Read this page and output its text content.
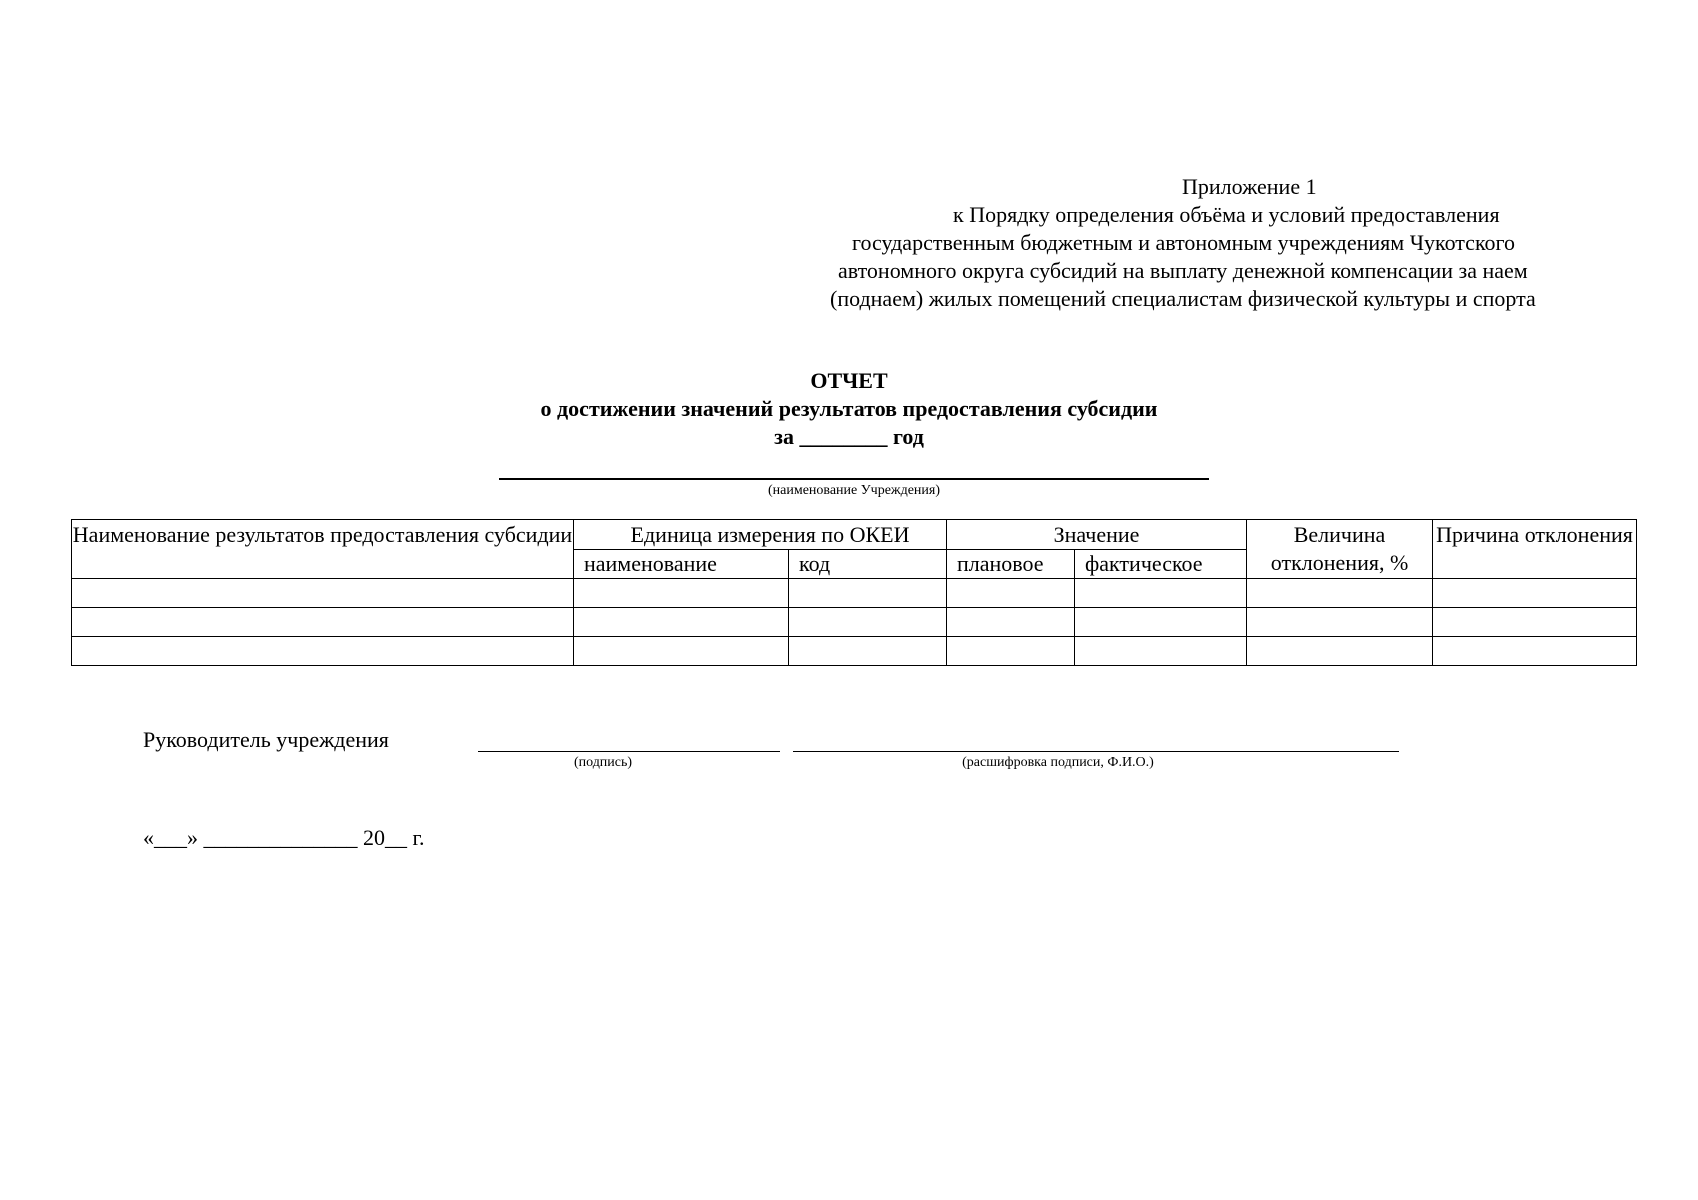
Приложение 1
к Порядку определения объёма и условий предоставления
государственным бюджетным и автономным учреждениям Чукотского
автономного округа субсидий на выплату денежной компенсации за наем
(поднаем) жилых помещений специалистам физической культуры и спорта
ОТЧЕТ
о достижении значений результатов предоставления субсидии
за ________ год
(наименование Учреждения)
Наименование результатов предоставления субсидии	Единица измерения по ОКЕИ		Значение		Величина отклонения, %	Причина отклонения
	наименование	код	плановое	фактическое		

Руководитель учреждения
(подпись)	(расшифровка подписи, Ф.И.О.)
«___» ______________ 20__ г.
